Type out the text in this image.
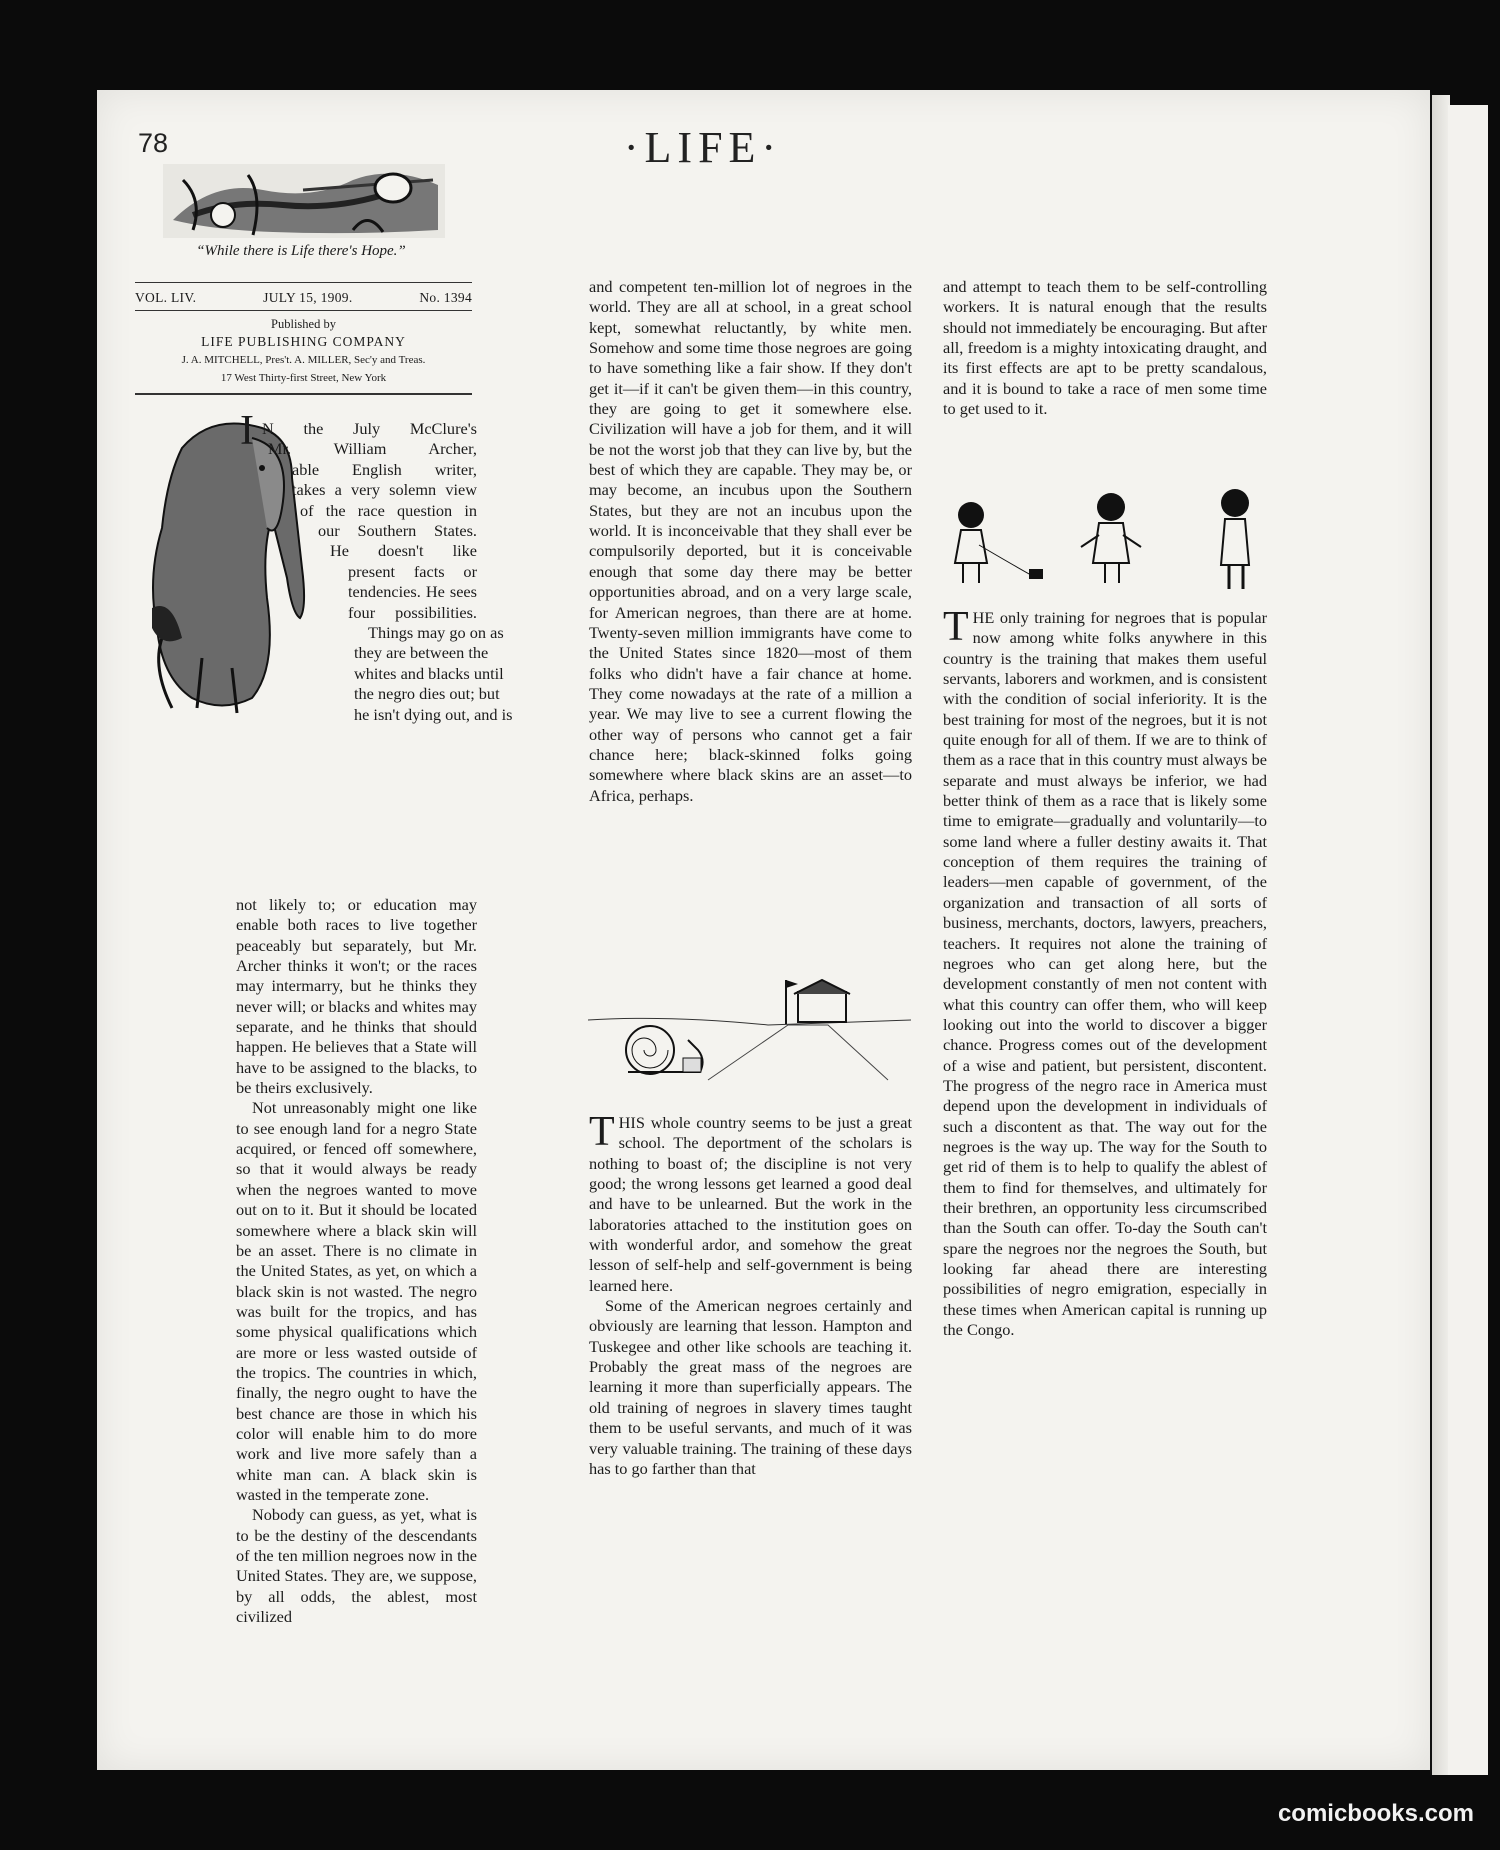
78	·LIFE·
“While there is Life there's Hope.”
VOL. LIV.	JULY 15, 1909.	No. 1394
Published by
LIFE PUBLISHING COMPANY
J. A. MITCHELL, Pres't. A. MILLER, Sec'y and Treas.
17 West Thirty-first Street, New York
I N the July McClure's
Mr. William Archer,
able English writer,
takes a very solemn view
of the race question in
our Southern States.
He doesn't like
present facts or
tendencies. He sees
four possibilities.
Things may go on as
they are between the
whites and blacks until
the negro dies out; but
he isn't dying out, and is

not likely to; or education may enable both races to live together peaceably but separately, but Mr. Archer thinks it won't; or the races may intermarry, but he thinks they never will; or blacks and whites may separate, and he thinks that should happen. He believes that a State will have to be assigned to the blacks, to be theirs exclusively.

Not unreasonably might one like to see enough land for a negro State acquired, or fenced off somewhere, so that it would always be ready when the negroes wanted to move out on to it. But it should be located somewhere where a black skin will be an asset. There is no climate in the United States, as yet, on which a black skin is not wasted. The negro was built for the tropics, and has some physical qualifications which are more or less wasted outside of the tropics. The countries in which, finally, the negro ought to have the best chance are those in which his color will enable him to do more work and live more safely than a white man can. A black skin is wasted in the temperate zone.

Nobody can guess, as yet, what is to be the destiny of the descendants of the ten million negroes now in the United States. They are, we suppose, by all odds, the ablest, most civilized

and competent ten-million lot of negroes in the world. They are all at school, in a great school kept, somewhat reluctantly, by white men. Somehow and some time those negroes are going to have something like a fair show. If they don't get it—if it can't be given them—in this country, they are going to get it somewhere else. Civilization will have a job for them, and it will be not the worst job that they can live by, but the best of which they are capable. They may be, or may become, an incubus upon the Southern States, but they are not an incubus upon the world. It is inconceivable that they shall ever be compulsorily deported, but it is conceivable enough that some day there may be better opportunities abroad, and on a very large scale, for American negroes, than there are at home. Twenty-seven million immigrants have come to the United States since 1820—most of them folks who didn't have a fair chance at home. They come nowadays at the rate of a million a year. We may live to see a current flowing the other way of persons who cannot get a fair chance here; black-skinned folks going somewhere where black skins are an asset—to Africa, perhaps.

T HIS whole country seems to be just a great school. The deportment of the scholars is nothing to boast of; the discipline is not very good; the wrong lessons get learned a good deal and have to be unlearned. But the work in the laboratories attached to the institution goes on with wonderful ardor, and somehow the great lesson of self-help and self-government is being learned here.

Some of the American negroes certainly and obviously are learning that lesson. Hampton and Tuskegee and other like schools are teaching it. Probably the great mass of the negroes are learning it more than superficially appears. The old training of negroes in slavery times taught them to be useful servants, and much of it was very valuable training. The training of these days has to go farther than that

and attempt to teach them to be self-controlling workers. It is natural enough that the results should not immediately be encouraging. But after all, freedom is a mighty intoxicating draught, and its first effects are apt to be pretty scandalous, and it is bound to take a race of men some time to get used to it.

T HE only training for negroes that is popular now among white folks anywhere in this country is the training that makes them useful servants, laborers and workmen, and is consistent with the condition of social inferiority. It is the best training for most of the negroes, but it is not quite enough for all of them. If we are to think of them as a race that in this country must always be separate and must always be inferior, we had better think of them as a race that is likely some time to emigrate—gradually and voluntarily—to some land where a fuller destiny awaits it. That conception of them requires the training of leaders—men capable of government, of the organization and transaction of all sorts of business, merchants, doctors, lawyers, preachers, teachers. It requires not alone the training of negroes who can get along here, but the development constantly of men not content with what this country can offer them, who will keep looking out into the world to discover a bigger chance. Progress comes out of the development of a wise and patient, but persistent, discontent. The progress of the negro race in America must depend upon the development in individuals of such a discontent as that. The way out for the negroes is the way up. The way for the South to get rid of them is to help to qualify the ablest of them to find for themselves, and ultimately for their brethren, an opportunity less circumscribed than the South can offer. To-day the South can't spare the negroes nor the negroes the South, but looking far ahead there are interesting possibilities of negro emigration, especially in these times when American capital is running up the Congo.

comicbooks.com
